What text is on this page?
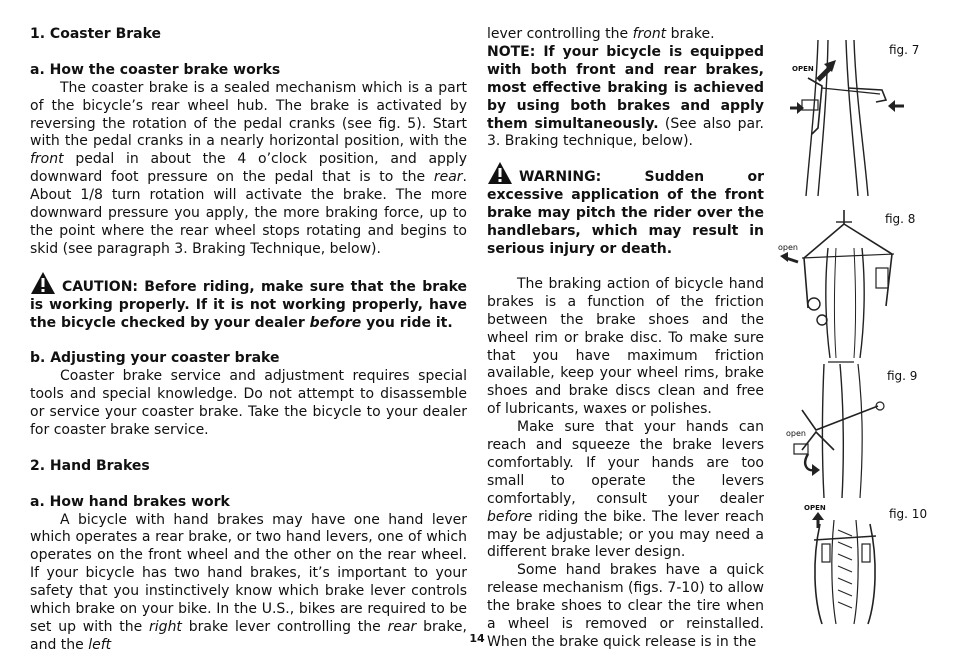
1. Coaster Brake

a. How the coaster brake works

The coaster brake is a sealed mechanism which is a part of the bicycle’s rear wheel hub. The brake is activated by reversing the rotation of the pedal cranks (see fig. 5). Start with the pedal cranks in a nearly horizontal position, with the front pedal in about the 4 o’clock position, and apply downward foot pressure on the pedal that is to the rear. About 1/8 turn rotation will activate the brake. The more downward pressure you apply, the more braking force, up to the point where the rear wheel stops rotating and begins to skid (see paragraph 3. Braking Technique, below).

CAUTION: Before riding, make sure that the brake is working properly. If it is not working properly, have the bicycle checked by your dealer before you ride it.

b. Adjusting your coaster brake

Coaster brake service and adjustment requires special tools and special knowledge. Do not attempt to disassemble or service your coaster brake. Take the bicycle to your dealer for coaster brake service.

2. Hand Brakes

a. How hand brakes work

A bicycle with hand brakes may have one hand lever which operates a rear brake, or two hand levers, one of which operates on the front wheel and the other on the rear wheel. If your bicycle has two hand brakes, it’s important to your safety that you instinctively know which brake lever controls which brake on your bike. In the U.S., bikes are required to be set up with the right brake lever controlling the rear brake, and the left

lever controlling the front brake.

NOTE: If your bicycle is equipped with both front and rear brakes, most effective braking is achieved by using both brakes and apply them simultaneously. (See also par. 3. Braking technique, below).

WARNING: Sudden or excessive application of the front brake may pitch the rider over the handlebars, which may result in serious injury or death.

The braking action of bicycle hand brakes is a function of the friction between the brake shoes and the wheel rim or brake disc. To make sure that you have maximum friction available, keep your wheel rims, brake shoes and brake discs clean and free of lubricants, waxes or polishes.

Make sure that your hands can reach and squeeze the brake levers comfortably. If your hands are too small to operate the levers comfortably, consult your dealer before riding the bike. The lever reach may be adjustable; or you may need a different brake lever design.

Some hand brakes have a quick release mechanism (figs. 7-10) to allow the brake shoes to clear the tire when a wheel is removed or reinstalled. When the brake quick release is in the

OPEN
fig. 7
open
fig. 8
open
fig. 9
OPEN	fig. 10
14
